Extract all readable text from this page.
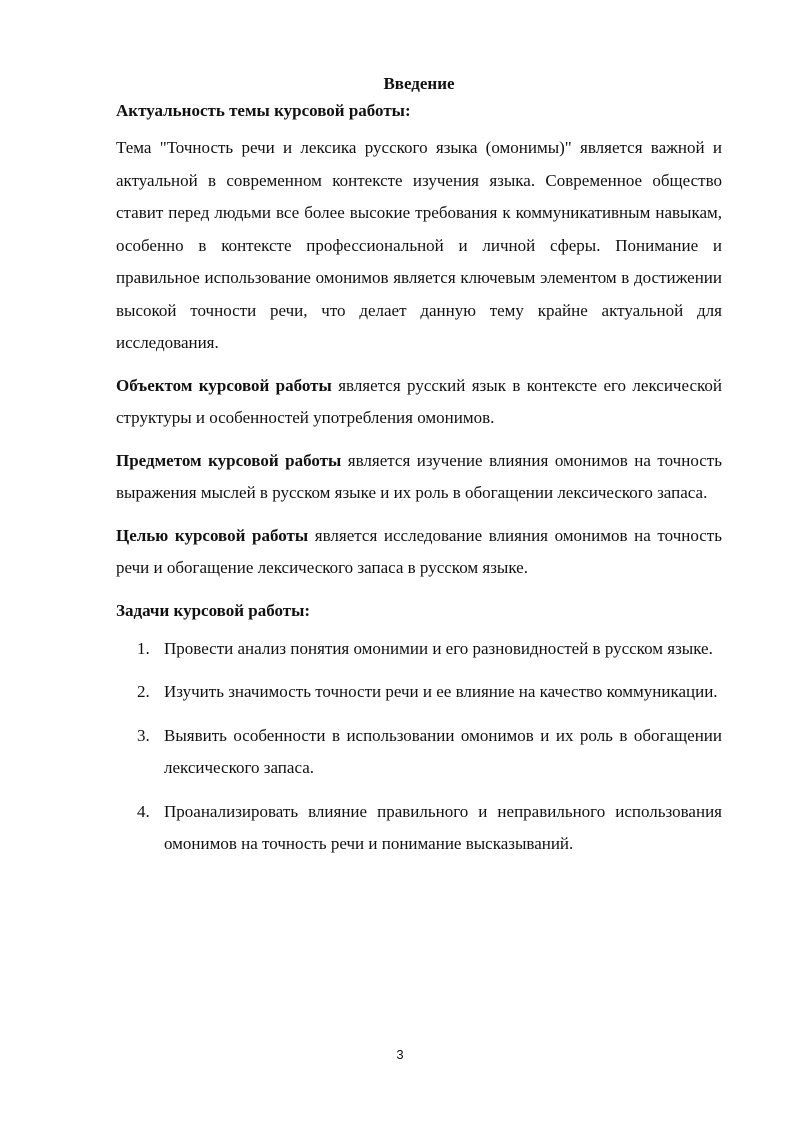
Введение
Актуальность темы курсовой работы:

Тема "Точность речи и лексика русского языка (омонимы)" является важной и актуальной в современном контексте изучения языка. Современное общество ставит перед людьми все более высокие требования к коммуникативным навыкам, особенно в контексте профессиональной и личной сферы. Понимание и правильное использование омонимов является ключевым элементом в достижении высокой точности речи, что делает данную тему крайне актуальной для исследования.

Объектом курсовой работы является русский язык в контексте его лексической структуры и особенностей употребления омонимов.

Предметом курсовой работы является изучение влияния омонимов на точность выражения мыслей в русском языке и их роль в обогащении лексического запаса.

Целью курсовой работы является исследование влияния омонимов на точность речи и обогащение лексического запаса в русском языке.

Задачи курсовой работы:
1. Провести анализ понятия омонимии и его разновидностей в русском языке.
2. Изучить значимость точности речи и ее влияние на качество коммуникации.
3. Выявить особенности в использовании омонимов и их роль в обогащении лексического запаса.
4. Проанализировать влияние правильного и неправильного использования омонимов на точность речи и понимание высказываний.
3
